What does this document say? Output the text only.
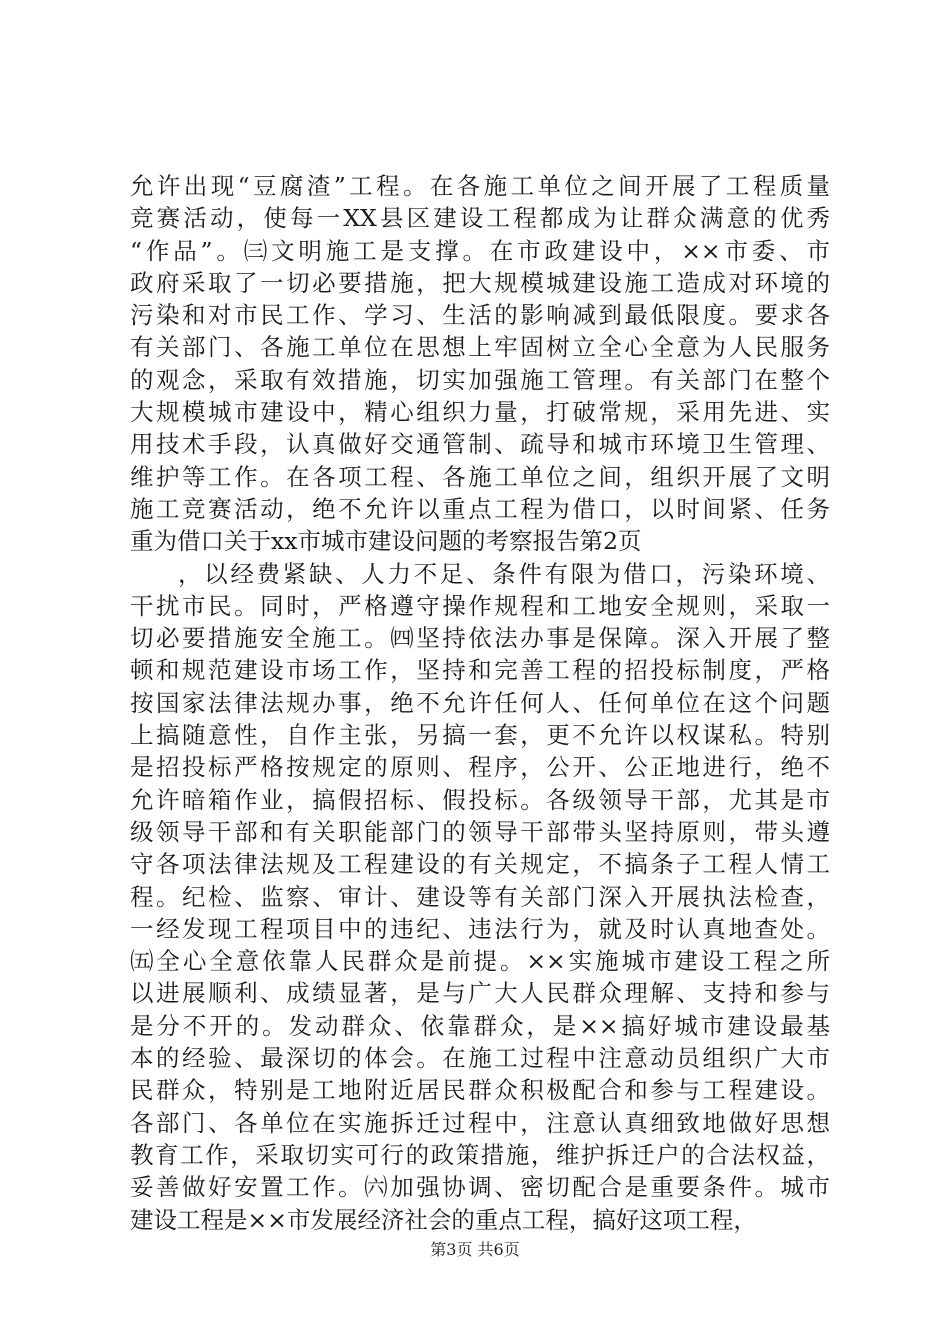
允许出现“豆腐渣”工程。在各施工单位之间开展了工程质量
竞赛活动，使每一XX县区建设工程都成为让群众满意的优秀
“作品”。㈢文明施工是支撑。在市政建设中，××市委、市
政府采取了一切必要措施，把大规模城建设施工造成对环境的
污染和对市民工作、学习、生活的影响减到最低限度。要求各
有关部门、各施工单位在思想上牢固树立全心全意为人民服务
的观念，采取有效措施，切实加强施工管理。有关部门在整个
大规模城市建设中，精心组织力量，打破常规，采用先进、实
用技术手段，认真做好交通管制、疏导和城市环境卫生管理、
维护等工作。在各项工程、各施工单位之间，组织开展了文明
施工竞赛活动，绝不允许以重点工程为借口，以时间紧、任务
重为借口关于xx市城市建设问题的考察报告第2页
，以经费紧缺、人力不足、条件有限为借口，污染环境、
干扰市民。同时，严格遵守操作规程和工地安全规则，采取一
切必要措施安全施工。㈣坚持依法办事是保障。深入开展了整
顿和规范建设市场工作，坚持和完善工程的招投标制度，严格
按国家法律法规办事，绝不允许任何人、任何单位在这个问题
上搞随意性，自作主张，另搞一套，更不允许以权谋私。特别
是招投标严格按规定的原则、程序，公开、公正地进行，绝不
允许暗箱作业，搞假招标、假投标。各级领导干部，尤其是市
级领导干部和有关职能部门的领导干部带头坚持原则，带头遵
守各项法律法规及工程建设的有关规定，不搞条子工程人情工
程。纪检、监察、审计、建设等有关部门深入开展执法检查，
一经发现工程项目中的违纪、违法行为，就及时认真地查处。
㈤全心全意依靠人民群众是前提。××实施城市建设工程之所
以进展顺利、成绩显著，是与广大人民群众理解、支持和参与
是分不开的。发动群众、依靠群众，是××搞好城市建设最基
本的经验、最深切的体会。在施工过程中注意动员组织广大市
民群众，特别是工地附近居民群众积极配合和参与工程建设。
各部门、各单位在实施拆迁过程中，注意认真细致地做好思想
教育工作，采取切实可行的政策措施，维护拆迁户的合法权益，
妥善做好安置工作。㈥加强协调、密切配合是重要条件。城市
建设工程是××市发展经济社会的重点工程，搞好这项工程，
第3页 共6页
